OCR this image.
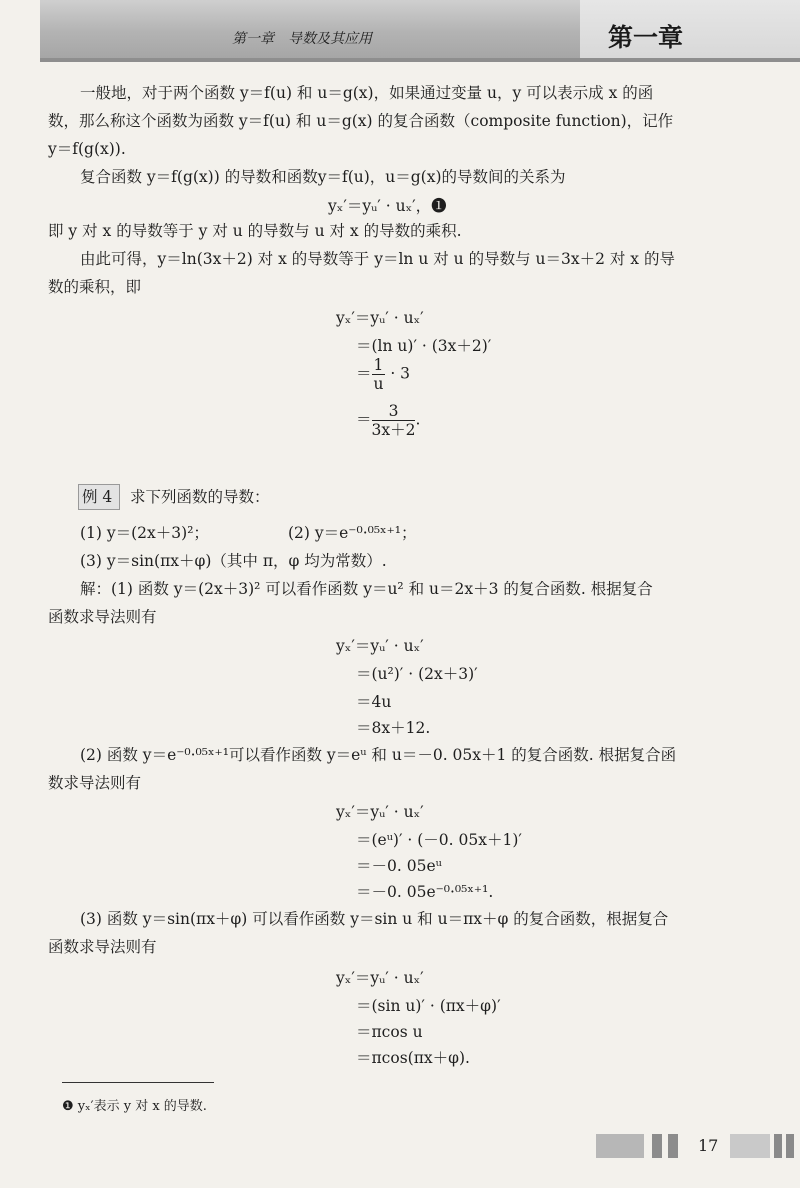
第一章　导数及其应用	第一章
一般地，对于两个函数 y＝f(u) 和 u＝g(x)，如果通过变量 u，y 可以表示成 x 的函
数，那么称这个函数为函数 y＝f(u) 和 u＝g(x) 的复合函数（composite function)，记作
y＝f(g(x)).
复合函数 y＝f(g(x)) 的导数和函数y＝f(u)，u＝g(x)的导数间的关系为
yₓ′＝yᵤ′ · uₓ′，❶
即 y 对 x 的导数等于 y 对 u 的导数与 u 对 x 的导数的乘积.
由此可得，y＝ln(3x＋2) 对 x 的导数等于 y＝ln u 对 u 的导数与 u＝3x＋2 对 x 的导
数的乘积，即
yₓ′＝yᵤ′ · uₓ′
＝(ln u)′ · (3x＋2)′
＝ $\frac{1}{u} \cdot 3$
＝ $\frac{3}{3x+2}$ .
例 4 求下列函数的导数：
(1) y＝(2x＋3)²；	(2) y＝e⁻⁰·⁰⁵ˣ⁺¹；
(3) y＝sin(πx＋φ)（其中 π，φ 均为常数）.
解：(1) 函数 y＝(2x＋3)² 可以看作函数 y＝u² 和 u＝2x＋3 的复合函数. 根据复合
函数求导法则有
yₓ′＝yᵤ′ · uₓ′
＝(u²)′ · (2x＋3)′
＝4u
＝8x＋12.
(2) 函数 y＝e⁻⁰·⁰⁵ˣ⁺¹可以看作函数 y＝eᵘ 和 u＝－0. 05x＋1 的复合函数. 根据复合函
数求导法则有
yₓ′＝yᵤ′ · uₓ′
＝(eᵘ)′ · (－0. 05x＋1)′
＝－0. 05eᵘ
＝－0. 05e⁻⁰·⁰⁵ˣ⁺¹.
(3) 函数 y＝sin(πx＋φ) 可以看作函数 y＝sin u 和 u＝πx＋φ 的复合函数，根据复合
函数求导法则有
yₓ′＝yᵤ′ · uₓ′
＝(sin u)′ · (πx＋φ)′
＝πcos u
＝πcos(πx＋φ).
❶ yₓ′表示 y 对 x 的导数.
17
